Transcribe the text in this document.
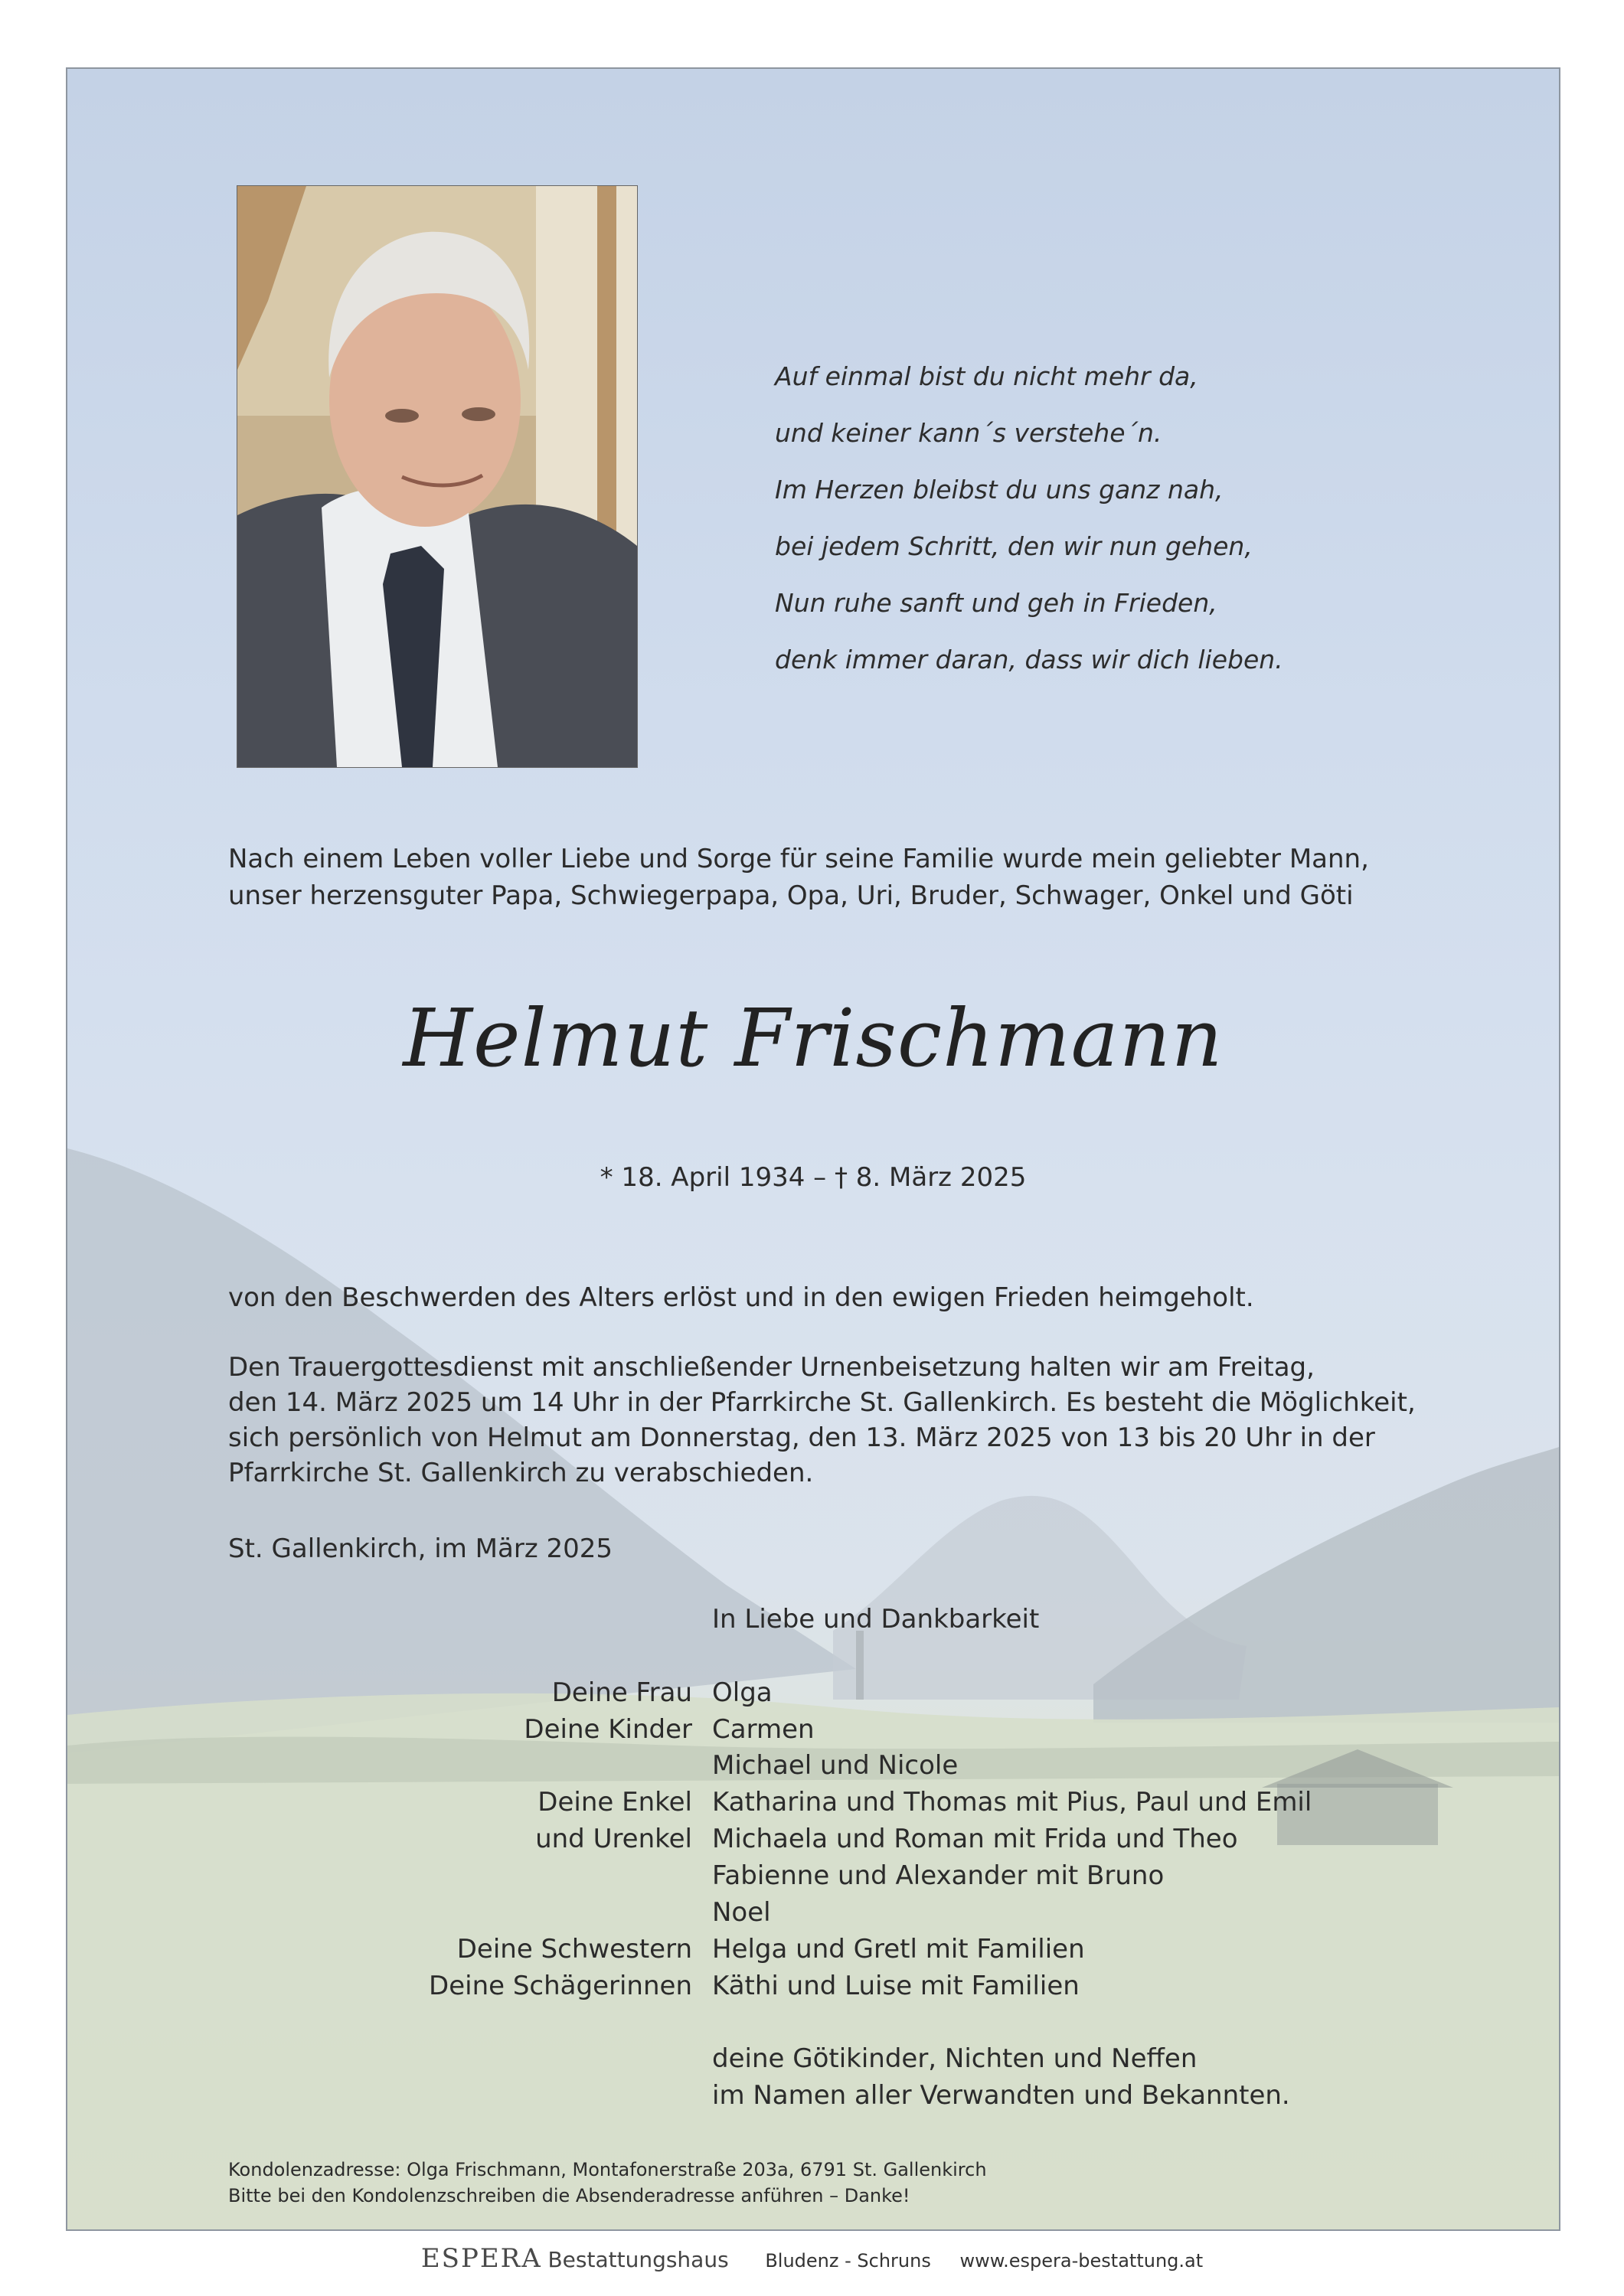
Auf einmal bist du nicht mehr da,
und keiner kann´s verstehe´n.
Im Herzen bleibst du uns ganz nah,
bei jedem Schritt, den wir nun gehen,
Nun ruhe sanft und geh in Frieden,
denk immer daran, dass wir dich lieben.

Nach einem Leben voller Liebe und Sorge für seine Familie wurde mein geliebter Mann,
unser herzensguter Papa, Schwiegerpapa, Opa, Uri, Bruder, Schwager, Onkel und Göti

Helmut Frischmann
* 18. April 1934 – † 8. März 2025

von den Beschwerden des Alters erlöst und in den ewigen Frieden heimgeholt.

Den Trauergottesdienst mit anschließender Urnenbeisetzung halten wir am Freitag,
den 14. März 2025 um 14 Uhr in der Pfarrkirche St. Gallenkirch. Es besteht die Möglichkeit,
sich persönlich von Helmut am Donnerstag, den 13. März 2025 von 13 bis 20 Uhr in der
Pfarrkirche St. Gallenkirch zu verabschieden.

St. Gallenkirch, im März 2025

In Liebe und Dankbarkeit
Deine Frau
Deine Kinder
Deine Enkel
und Urenkel
Deine Schwestern
Deine Schägerinnen
Olga
Carmen
Michael und Nicole
Katharina und Thomas mit Pius, Paul und Emil
Michaela und Roman mit Frida und Theo
Fabienne und Alexander mit Bruno
Noel
Helga und Gretl mit Familien
Käthi und Luise mit Familien
deine Götikinder, Nichten und Neffen
im Namen aller Verwandten und Bekannten.

Kondolenzadresse: Olga Frischmann, Montafonerstraße 203a, 6791 St. Gallenkirch
Bitte bei den Kondolenzschreiben die Absenderadresse anführen – Danke!

ESPERA Bestattungshaus Bludenz - Schruns www.espera-bestattung.at
